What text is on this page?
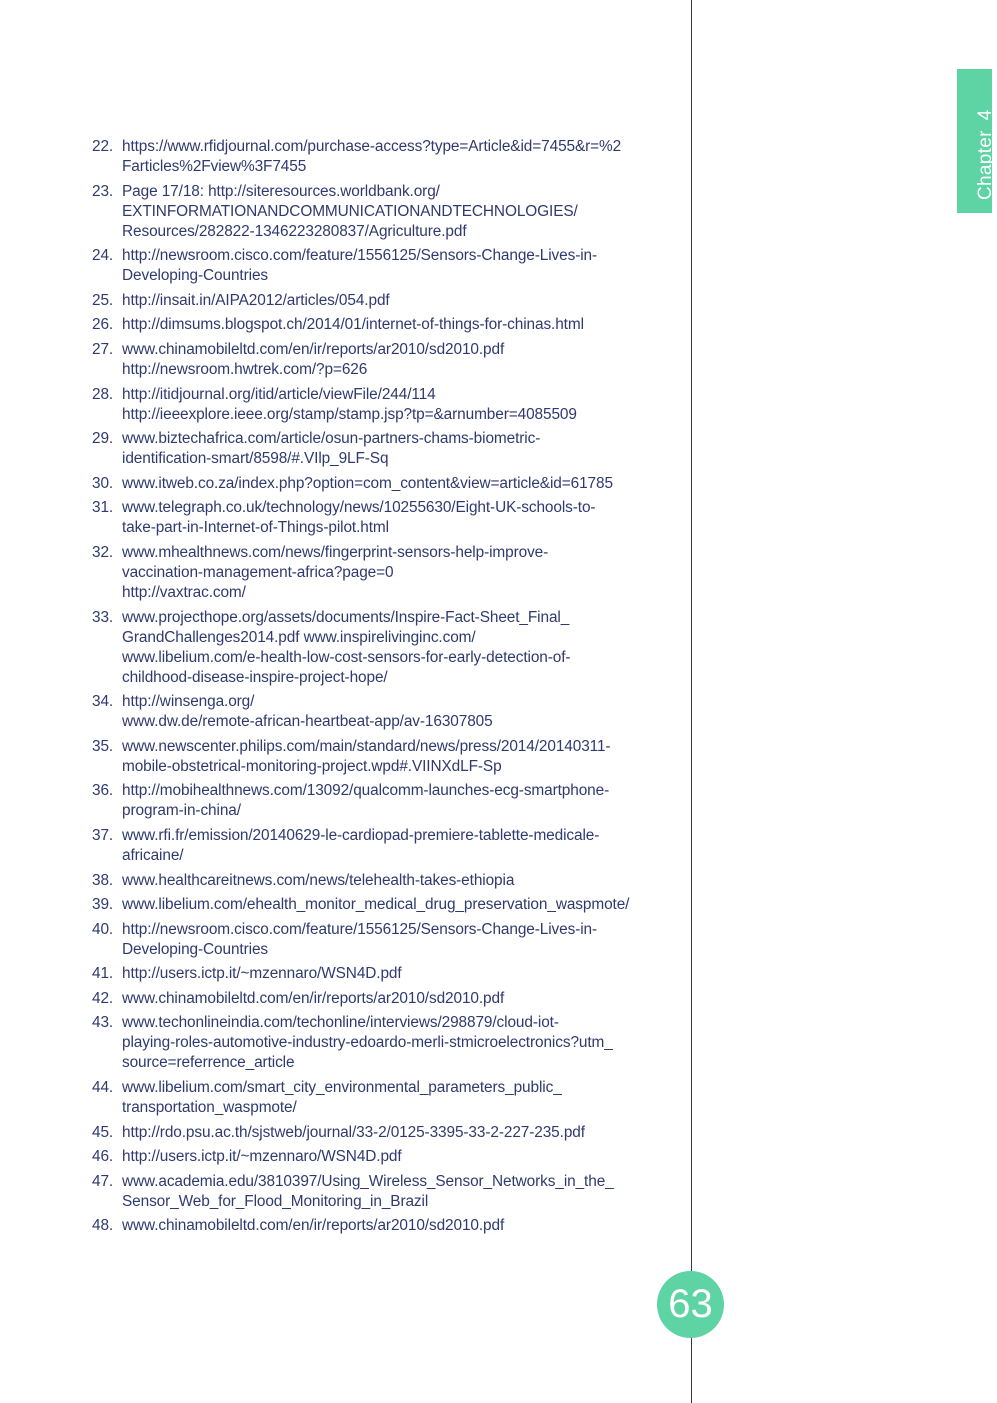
Chapter4
22. https://www.rfidjournal.com/purchase-access?type=Article&id=7455&r=%2
Farticles%2Fview%3F7455
23. Page 17/18: http://siteresources.worldbank.org/
EXTINFORMATIONANDCOMMUNICATIONANDTECHNOLOGIES/
Resources/282822-1346223280837/Agriculture.pdf
24. http://newsroom.cisco.com/feature/1556125/Sensors-Change-Lives-in-
Developing-Countries
25. http://insait.in/AIPA2012/articles/054.pdf
26. http://dimsums.blogspot.ch/2014/01/internet-of-things-for-chinas.html
27. www.chinamobileltd.com/en/ir/reports/ar2010/sd2010.pdf
http://newsroom.hwtrek.com/?p=626
28. http://itidjournal.org/itid/article/viewFile/244/114
http://ieeexplore.ieee.org/stamp/stamp.jsp?tp=&arnumber=4085509
29. www.biztechafrica.com/article/osun-partners-chams-biometric-
identification-smart/8598/#.VIlp_9LF-Sq
30. www.itweb.co.za/index.php?option=com_content&view=article&id=61785
31. www.telegraph.co.uk/technology/news/10255630/Eight-UK-schools-to-
take-part-in-Internet-of-Things-pilot.html
32. www.mhealthnews.com/news/fingerprint-sensors-help-improve-
vaccination-management-africa?page=0
http://vaxtrac.com/
33. www.projecthope.org/assets/documents/Inspire-Fact-Sheet_Final_
GrandChallenges2014.pdf www.inspirelivinginc.com/
www.libelium.com/e-health-low-cost-sensors-for-early-detection-of-
childhood-disease-inspire-project-hope/
34. http://winsenga.org/
www.dw.de/remote-african-heartbeat-app/av-16307805
35. www.newscenter.philips.com/main/standard/news/press/2014/20140311-
mobile-obstetrical-monitoring-project.wpd#.VIINXdLF-Sp
36. http://mobihealthnews.com/13092/qualcomm-launches-ecg-smartphone-
program-in-china/
37. www.rfi.fr/emission/20140629-le-cardiopad-premiere-tablette-medicale-
africaine/
38. www.healthcareitnews.com/news/telehealth-takes-ethiopia
39. www.libelium.com/ehealth_monitor_medical_drug_preservation_waspmote/
40. http://newsroom.cisco.com/feature/1556125/Sensors-Change-Lives-in-
Developing-Countries
41. http://users.ictp.it/~mzennaro/WSN4D.pdf
42. www.chinamobileltd.com/en/ir/reports/ar2010/sd2010.pdf
43. www.techonlineindia.com/techonline/interviews/298879/cloud-iot-
playing-roles-automotive-industry-edoardo-merli-stmicroelectronics?utm_
source=referrence_article
44. www.libelium.com/smart_city_environmental_parameters_public_
transportation_waspmote/
45. http://rdo.psu.ac.th/sjstweb/journal/33-2/0125-3395-33-2-227-235.pdf
46. http://users.ictp.it/~mzennaro/WSN4D.pdf
47. www.academia.edu/3810397/Using_Wireless_Sensor_Networks_in_the_
Sensor_Web_for_Flood_Monitoring_in_Brazil
48. www.chinamobileltd.com/en/ir/reports/ar2010/sd2010.pdf
63
